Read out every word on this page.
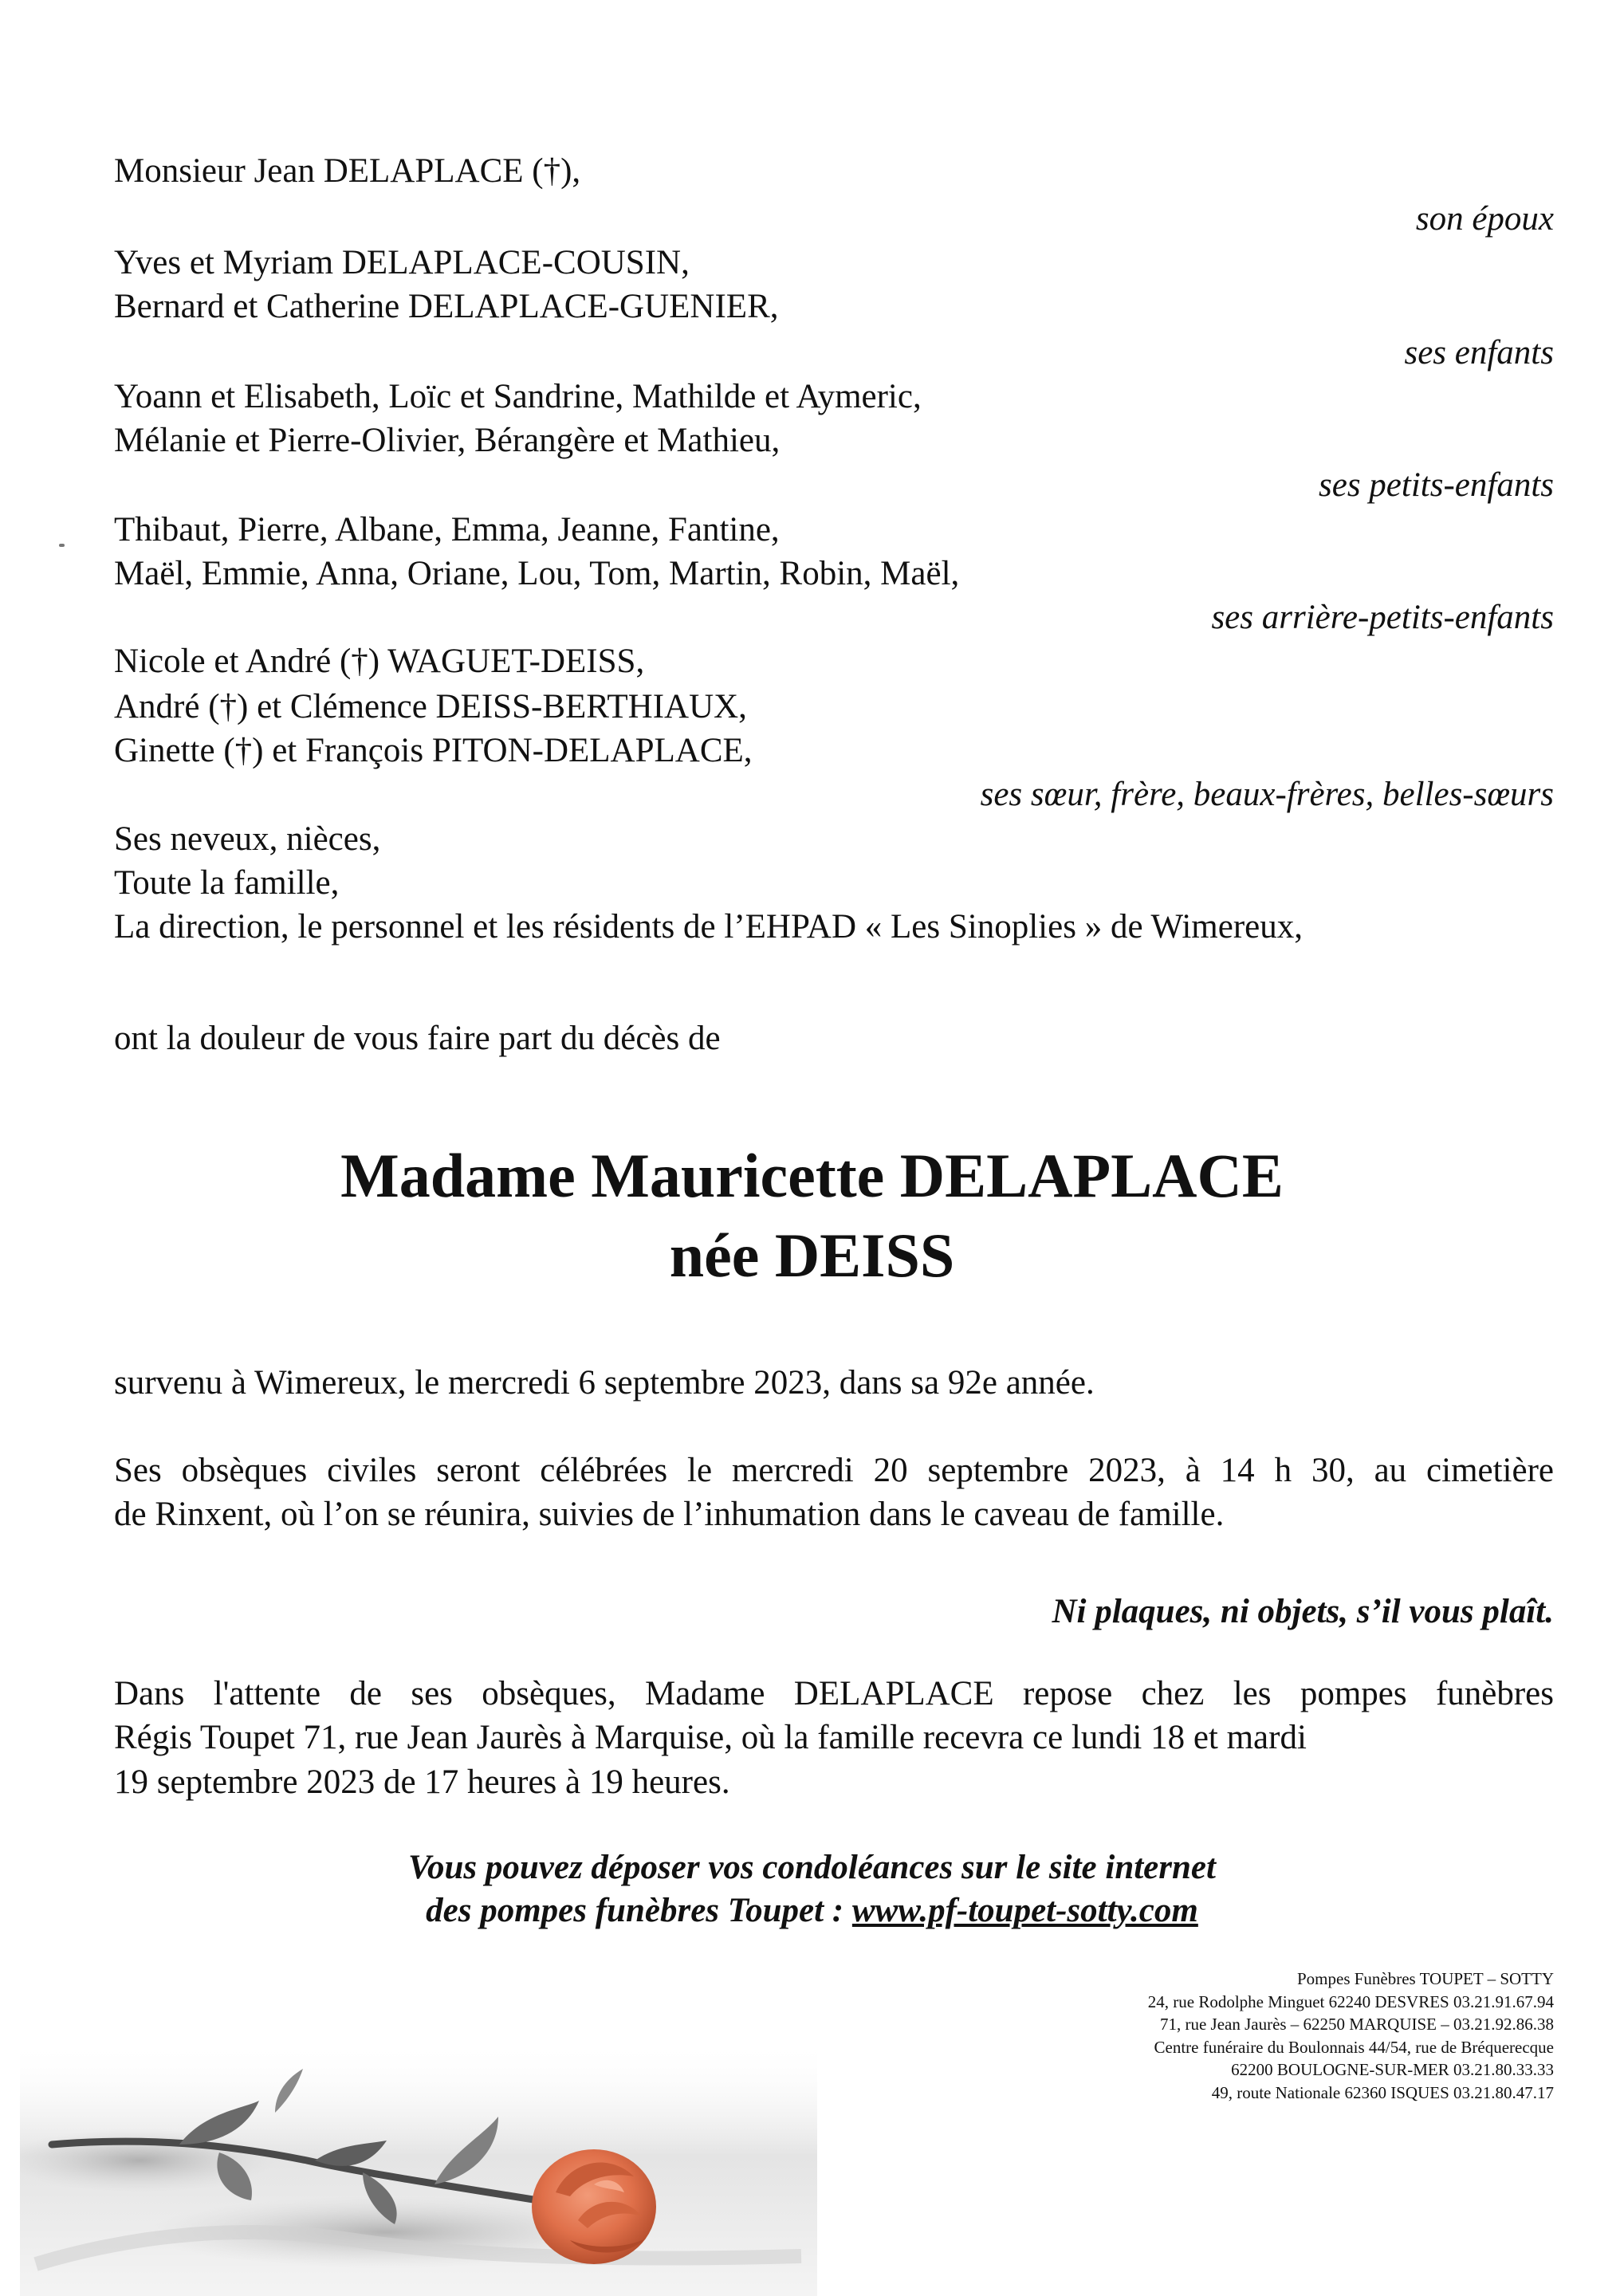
Monsieur Jean DELAPLACE (†),

son époux

Yves et Myriam DELAPLACE-COUSIN,

Bernard et Catherine DELAPLACE-GUENIER,

ses enfants

Yoann et Elisabeth, Loïc et Sandrine, Mathilde et Aymeric,

Mélanie et Pierre-Olivier, Bérangère et Mathieu,

ses petits-enfants

Thibaut, Pierre, Albane, Emma, Jeanne, Fantine,

Maël, Emmie, Anna, Oriane, Lou, Tom, Martin, Robin, Maël,

ses arrière-petits-enfants

Nicole et André (†) WAGUET-DEISS,

André (†) et Clémence DEISS-BERTHIAUX,

Ginette (†) et François PITON-DELAPLACE,

ses sœur, frère, beaux-frères, belles-sœurs

Ses neveux, nièces,

Toute la famille,

La direction, le personnel et les résidents de l’EHPAD « Les Sinoplies » de Wimereux,

ont la douleur de vous faire part du décès de

Madame Mauricette DELAPLACE

née DEISS

survenu à Wimereux, le mercredi 6 septembre 2023, dans sa 92e année.

Ses obsèques civiles seront célébrées le mercredi 20 septembre 2023, à 14 h 30, au cimetière
de Rinxent, où l’on se réunira, suivies de l’inhumation dans le caveau de famille.

Ni plaques, ni objets, s’il vous plaît.

Dans l'attente de ses obsèques, Madame DELAPLACE repose chez les pompes funèbres
Régis Toupet 71, rue Jean Jaurès à Marquise, où la famille recevra ce lundi 18 et mardi
19 septembre 2023 de 17 heures à 19 heures.

Vous pouvez déposer vos condoléances sur le site internet

des pompes funèbres Toupet : www.pf-toupet-sotty.com

Pompes Funèbres TOUPET – SOTTY
24, rue Rodolphe Minguet 62240 DESVRES 03.21.91.67.94
71, rue Jean Jaurès – 62250 MARQUISE – 03.21.92.86.38
Centre funéraire du Boulonnais 44/54, rue de Bréquerecque
62200 BOULOGNE-SUR-MER 03.21.80.33.33
49, route Nationale 62360 ISQUES 03.21.80.47.17
